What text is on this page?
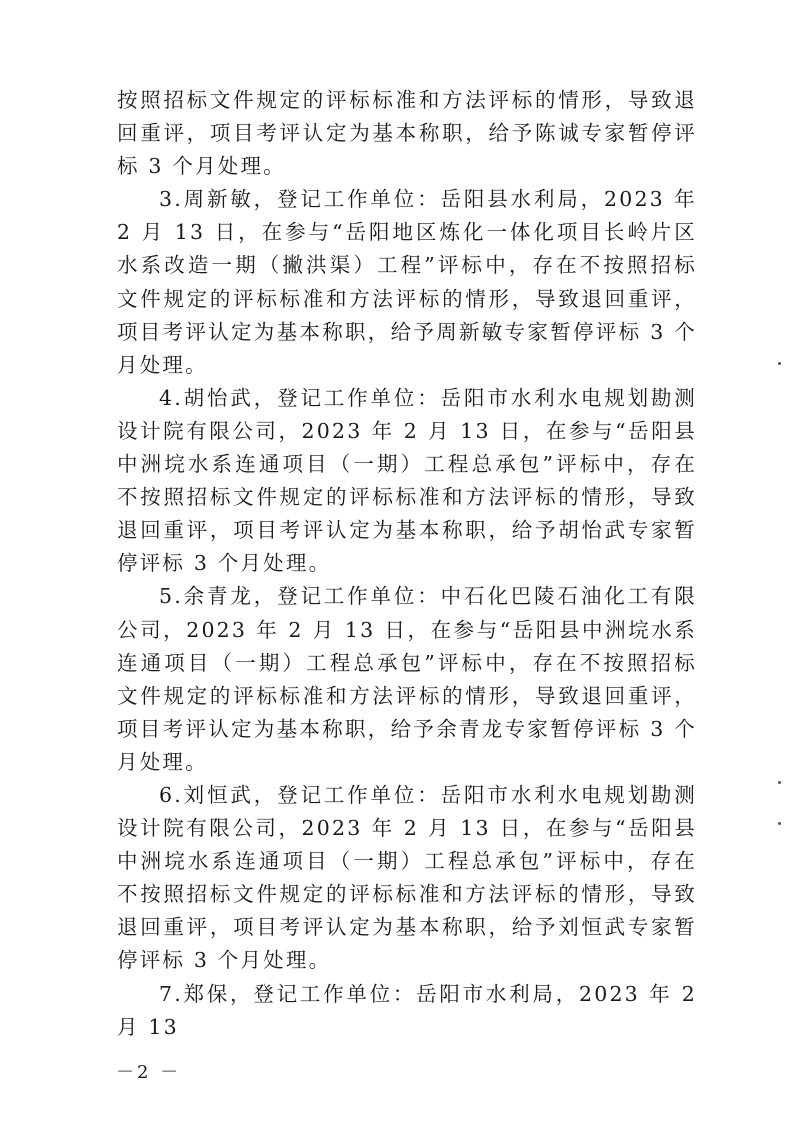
按照招标文件规定的评标标准和方法评标的情形，导致退回重评，项目考评认定为基本称职，给予陈诚专家暂停评标 3 个月处理。

3.周新敏，登记工作单位：岳阳县水利局，2023 年 2 月 13 日，在参与“岳阳地区炼化一体化项目长岭片区水系改造一期（撇洪渠）工程”评标中，存在不按照招标文件规定的评标标准和方法评标的情形，导致退回重评，项目考评认定为基本称职，给予周新敏专家暂停评标 3 个月处理。

4.胡怡武，登记工作单位：岳阳市水利水电规划勘测设计院有限公司，2023 年 2 月 13 日，在参与“岳阳县中洲垸水系连通项目（一期）工程总承包”评标中，存在不按照招标文件规定的评标标准和方法评标的情形，导致退回重评，项目考评认定为基本称职，给予胡怡武专家暂停评标 3 个月处理。

5.余青龙，登记工作单位：中石化巴陵石油化工有限公司，2023 年 2 月 13 日，在参与“岳阳县中洲垸水系连通项目（一期）工程总承包”评标中，存在不按照招标文件规定的评标标准和方法评标的情形，导致退回重评，项目考评认定为基本称职，给予余青龙专家暂停评标 3 个月处理。

6.刘恒武，登记工作单位：岳阳市水利水电规划勘测设计院有限公司，2023 年 2 月 13 日，在参与“岳阳县中洲垸水系连通项目（一期）工程总承包”评标中，存在不按照招标文件规定的评标标准和方法评标的情形，导致退回重评，项目考评认定为基本称职，给予刘恒武专家暂停评标 3 个月处理。

7.郑保，登记工作单位：岳阳市水利局，2023 年 2 月 13

－2 －
